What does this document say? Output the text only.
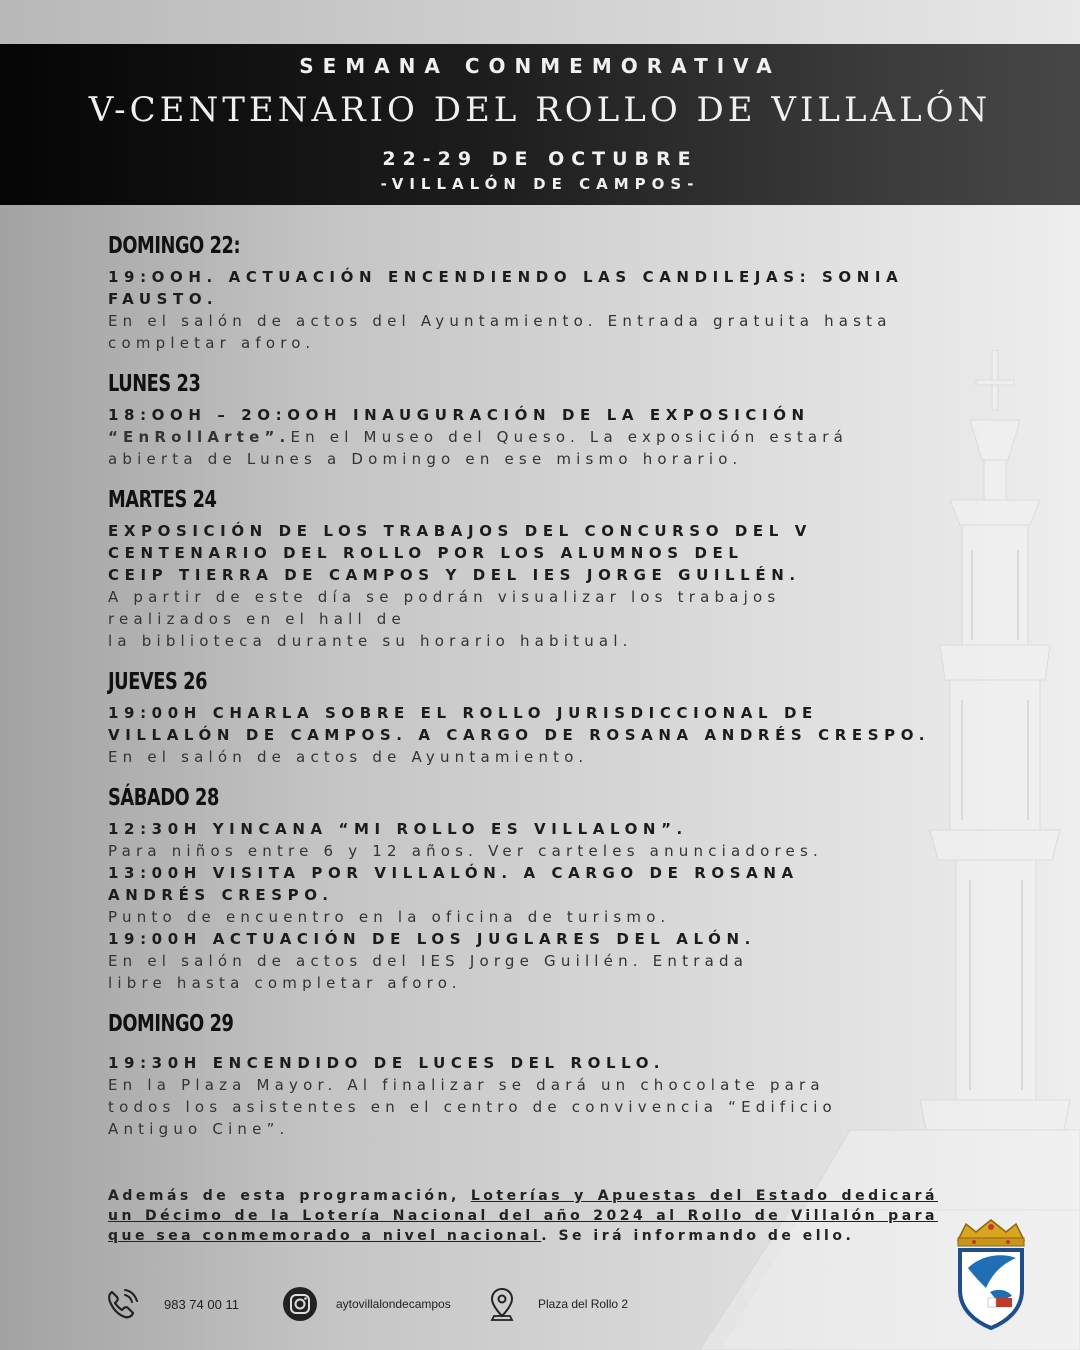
SEMANA CONMEMORATIVA
V-CENTENARIO DEL ROLLO DE VILLALÓN
22-29 DE OCTUBRE
-VILLALÓN DE CAMPOS-
DOMINGO 22:
19:OOH. ACTUACIÓN ENCENDIENDO LAS CANDILEJAS: SONIA
FAUSTO.
En el salón de actos del Ayuntamiento. Entrada gratuita hasta
completar aforo.
LUNES 23
18:OOH – 2O:OOH INAUGURACIÓN DE LA EXPOSICIÓN
“EnRollArte”.En el Museo del Queso. La exposición estará
abierta de Lunes a Domingo en ese mismo horario.
MARTES 24
EXPOSICIÓN DE LOS TRABAJOS DEL CONCURSO DEL V
CENTENARIO DEL ROLLO POR LOS ALUMNOS DEL
CEIP TIERRA DE CAMPOS Y DEL IES JORGE GUILLÉN.
A partir de este día se podrán visualizar los trabajos
realizados en el hall de
la biblioteca durante su horario habitual.
JUEVES 26
19:00H CHARLA SOBRE EL ROLLO JURISDICCIONAL DE
VILLALÓN DE CAMPOS. A CARGO DE ROSANA ANDRÉS CRESPO.
En el salón de actos de Ayuntamiento.
SÁBADO 28
12:30H YINCANA “MI ROLLO ES VILLALON”.
Para niños entre 6 y 12 años. Ver carteles anunciadores.
13:00H VISITA POR VILLALÓN. A CARGO DE ROSANA
ANDRÉS CRESPO.
Punto de encuentro en la oficina de turismo.
19:00H ACTUACIÓN DE LOS JUGLARES DEL ALÓN.
En el salón de actos del IES Jorge Guillén. Entrada
libre hasta completar aforo.
DOMINGO 29
19:30H ENCENDIDO DE LUCES DEL ROLLO.
En la Plaza Mayor. Al finalizar se dará un chocolate para
todos los asistentes en el centro de convivencia “Edificio
Antiguo Cine”.
Además de esta programación, Loterías y Apuestas del Estado dedicará un Décimo de la Lotería Nacional del año 2024 al Rollo de Villalón para que sea conmemorado a nivel nacional. Se irá informando de ello.
983 74 00 11	aytovillalondecampos	Plaza del Rollo 2
